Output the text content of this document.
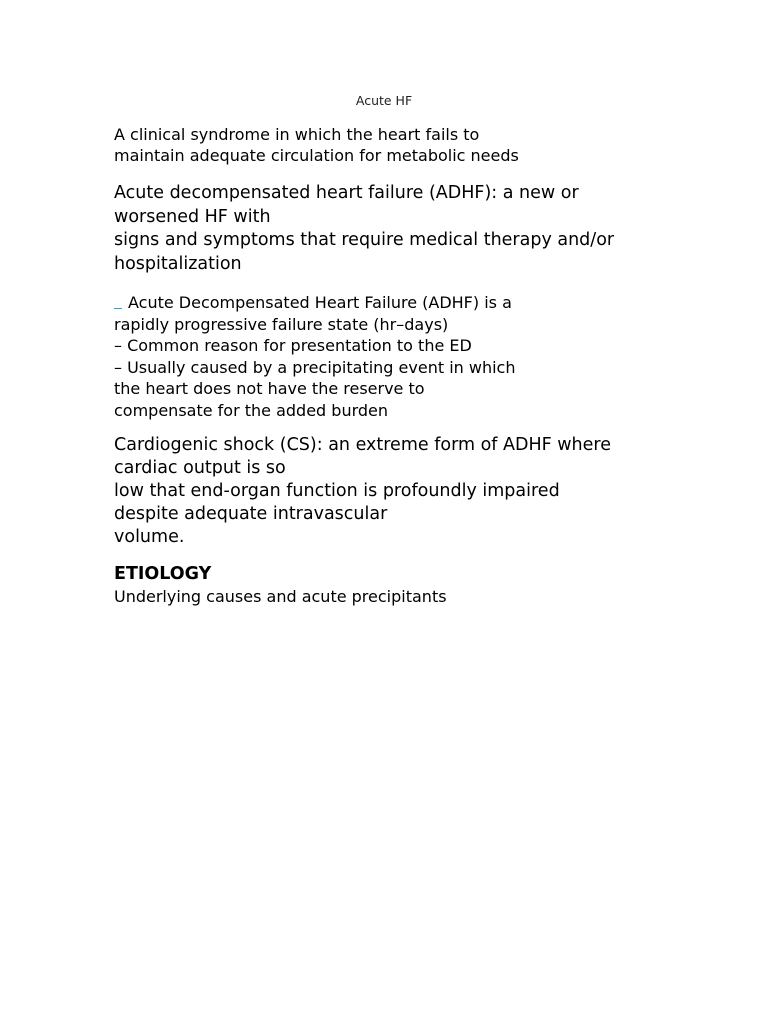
Acute HF
A clinical syndrome in which the heart fails to
maintain adequate circulation for metabolic needs
Acute decompensated heart failure (ADHF): a new or
worsened HF with
signs and symptoms that require medical therapy and/or
hospitalization
Acute Decompensated Heart Failure (ADHF) is a
rapidly progressive failure state (hr–days)
– Common reason for presentation to the ED
– Usually caused by a precipitating event in which
the heart does not have the reserve to
compensate for the added burden
Cardiogenic shock (CS): an extreme form of ADHF where
cardiac output is so
low that end-organ function is profoundly impaired
despite adequate intravascular
volume.
ETIOLOGY
Underlying causes and acute precipitants
